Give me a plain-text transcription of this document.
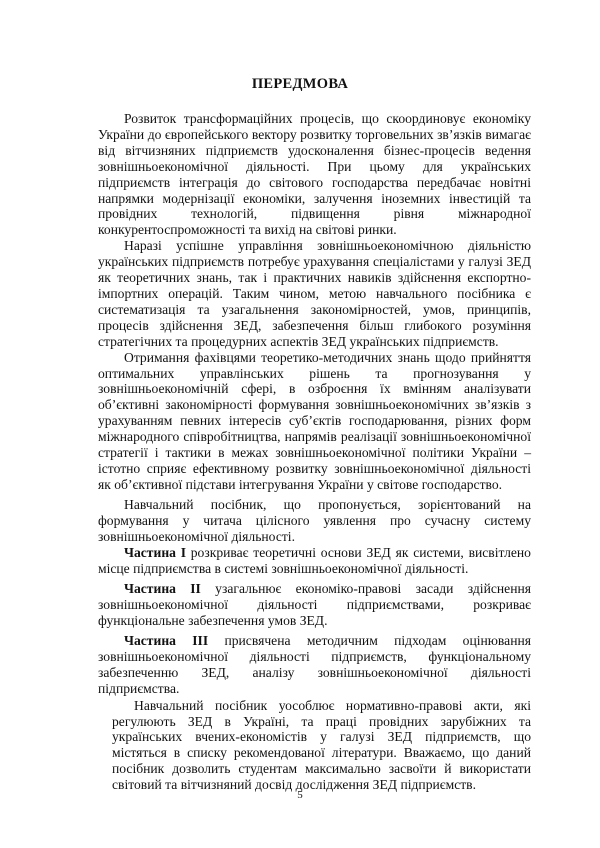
ПЕРЕДМОВА

Розвиток трансформаційних процесів, що скоординовує економіку України до європейського вектору розвитку торговельних зв’язків вимагає від вітчизняних підприємств удосконалення бізнес-процесів ведення зовнішньоекономічної діяльності. При цьому для українських підприємств інтеграція до світового господарства передбачає новітні напрямки модернізації економіки, залучення іноземних інвестицій та провідних технологій, підвищення рівня міжнародної конкурентоспроможності та вихід на світові ринки.

Наразі успішне управління зовнішньоекономічною діяльністю українських підприємств потребує урахування спеціалістами у галузі ЗЕД як теоретичних знань, так і практичних навиків здійснення експортно-імпортних операцій. Таким чином, метою навчального посібника є систематизація та узагальнення закономірностей, умов, принципів, процесів здійснення ЗЕД, забезпечення більш глибокого розуміння стратегічних та процедурних аспектів ЗЕД українських підприємств.

Отримання фахівцями теоретико-методичних знань щодо прийняття оптимальних управлінських рішень та прогнозування у зовнішньоекономічній сфері, в озброєння їх вмінням аналізувати об’єктивні закономірності формування зовнішньоекономічних зв’язків з урахуванням певних інтересів суб’єктів господарювання, різних форм міжнародного співробітництва, напрямів реалізації зовнішньоекономічної стратегії і тактики в межах зовнішньоекономічної політики України – істотно сприяє ефективному розвитку зовнішньоекономічної діяльності як об’єктивної підстави інтегрування України у світове господарство.

Навчальний посібник, що пропонується, зорієнтований на формування у читача цілісного уявлення про сучасну систему зовнішньоекономічної діяльності.

Частина І розкриває теоретичні основи ЗЕД як системи, висвітлено місце підприємства в системі зовнішньоекономічної діяльності.

Частина ІІ узагальнює економіко-правові засади здійснення зовнішньоекономічної діяльності підприємствами, розкриває функціональне забезпечення умов ЗЕД.

Частина ІІІ присвячена методичним підходам оцінювання зовнішньоекономічної діяльності підприємств, функціональному забезпеченню ЗЕД, аналізу зовнішньоекономічної діяльності підприємства.

Навчальний посібник уособлює нормативно-правові акти, які регулюють ЗЕД в Україні, та праці провідних зарубіжних та українських вчених-економістів у галузі ЗЕД підприємств, що містяться в списку рекомендованої літератури. Вважаємо, що даний посібник дозволить студентам максимально засвоїти й використати світовий та вітчизняний досвід дослідження ЗЕД підприємств.

5
